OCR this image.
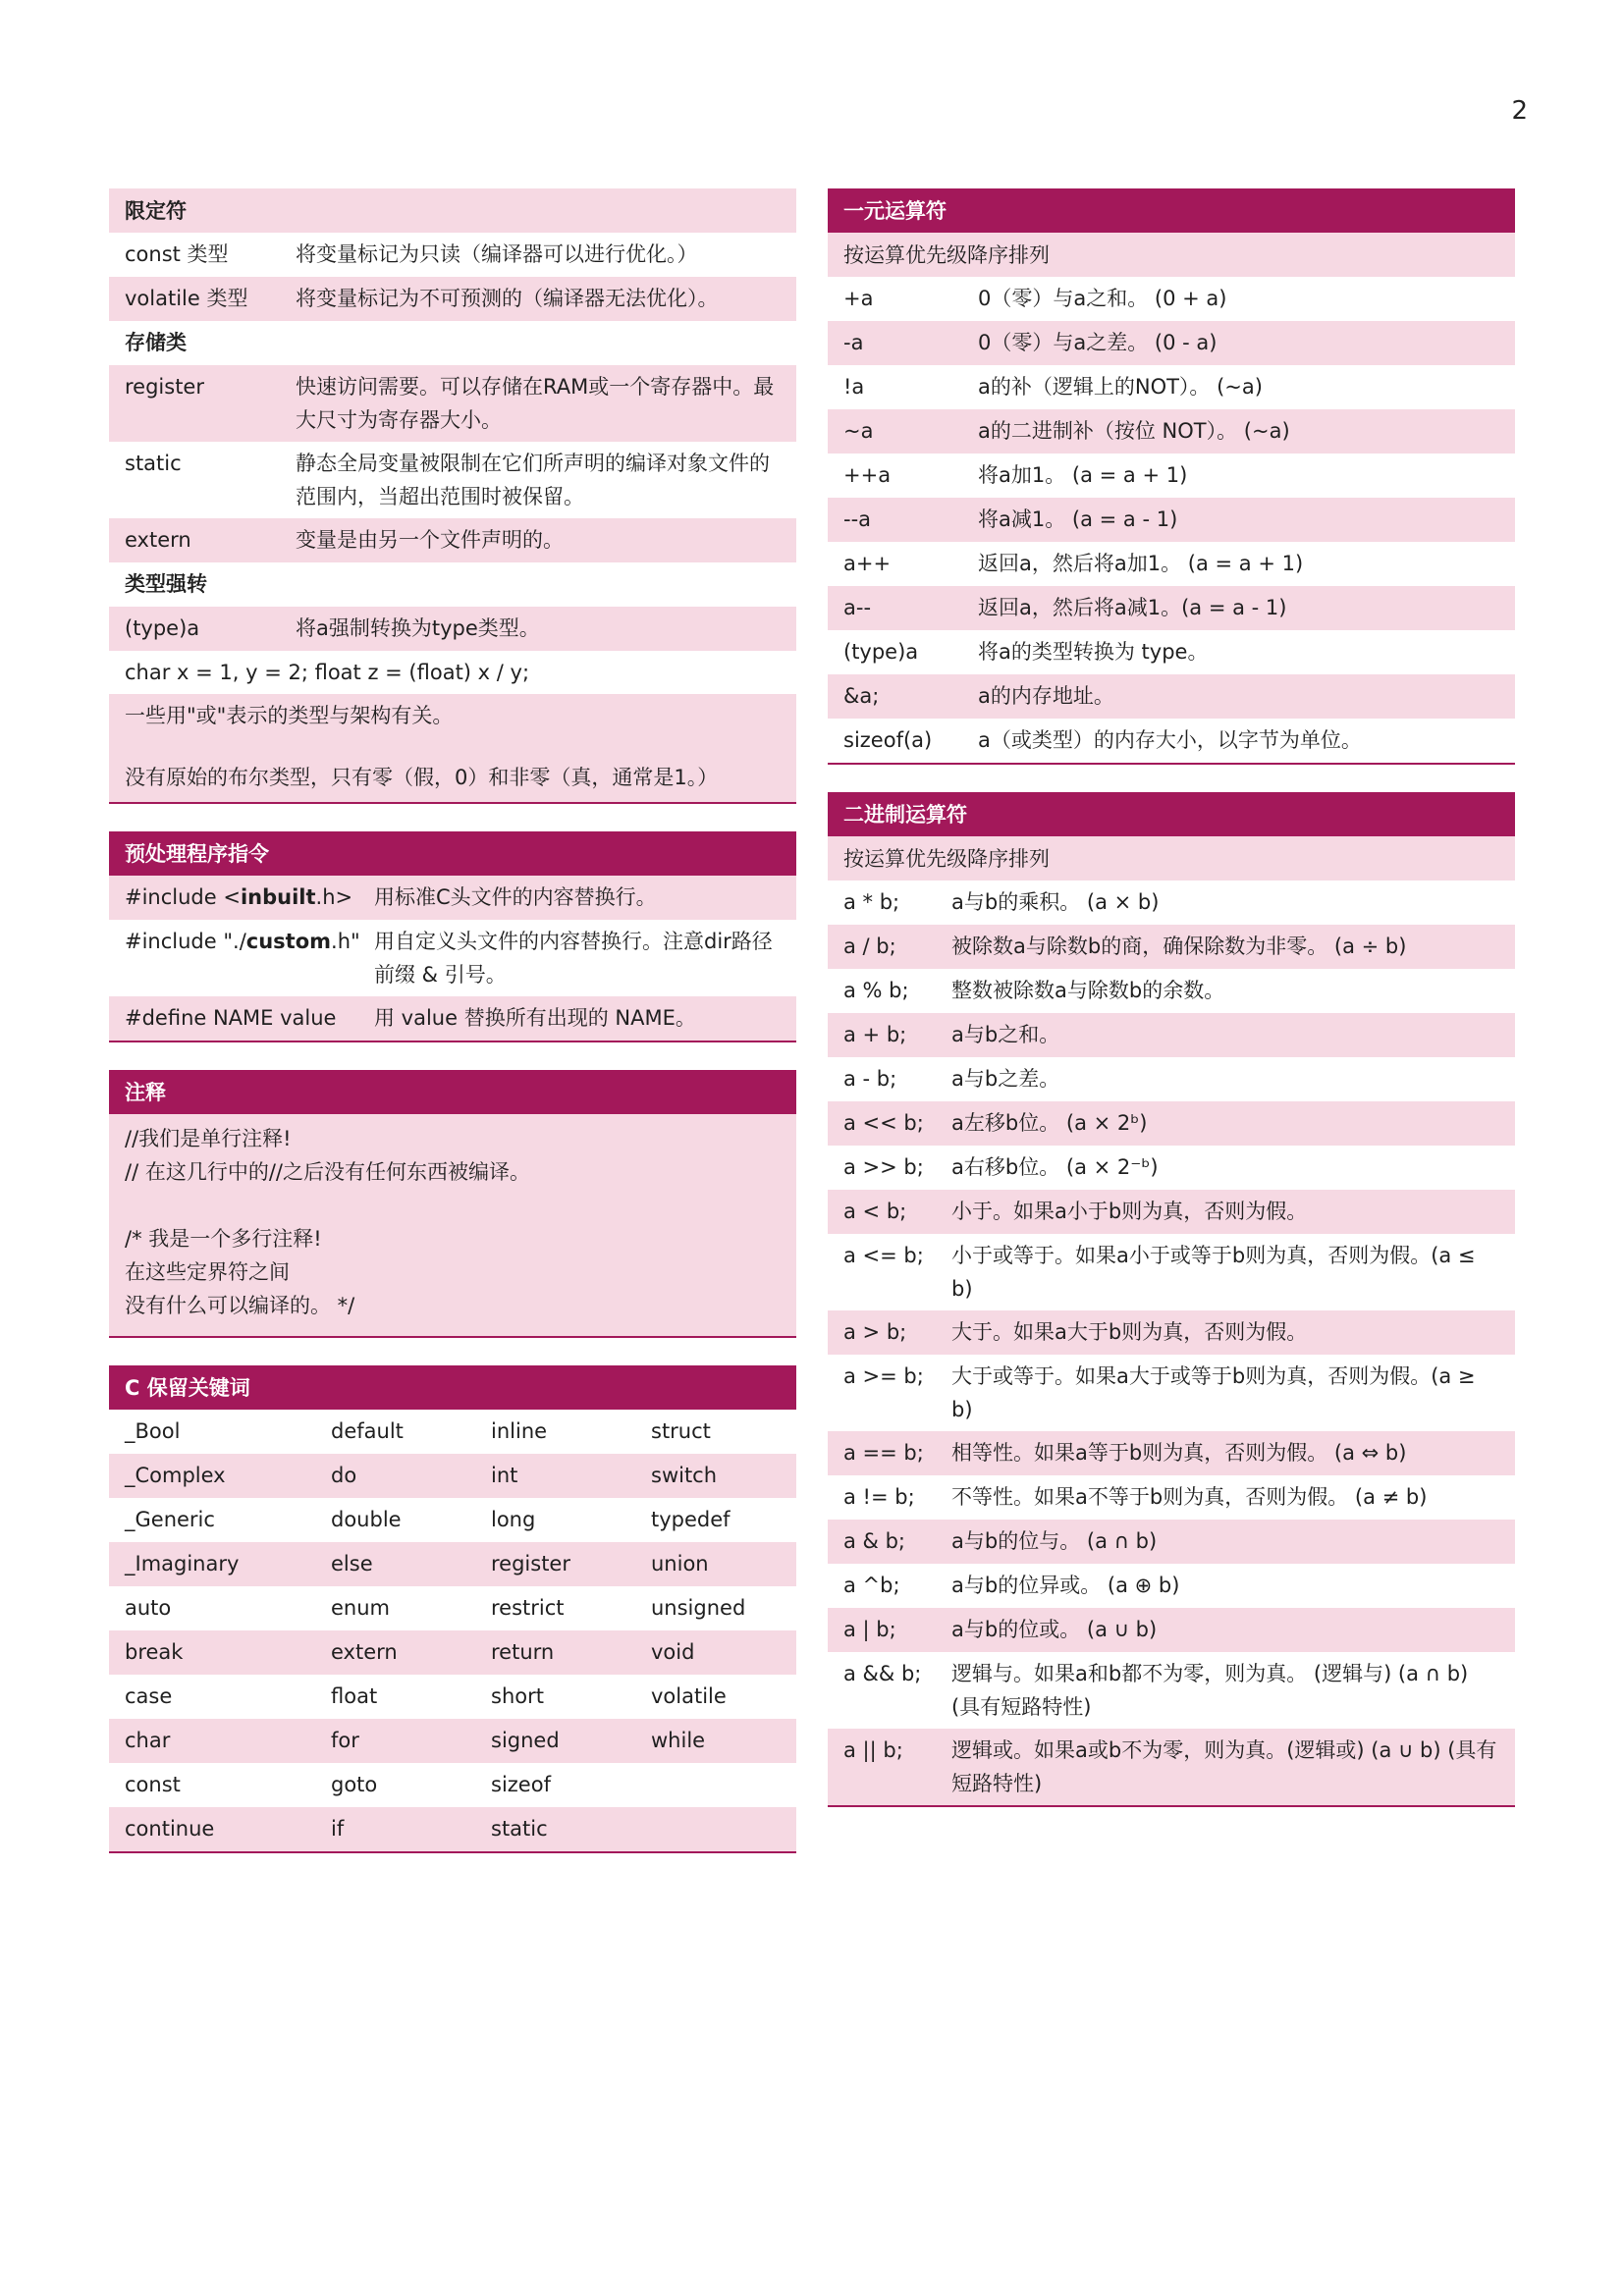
2
限定符
const 类型	将变量标记为只读（编译器可以进行优化。）
volatile 类型	将变量标记为不可预测的（编译器无法优化）。
存储类
register	快速访问需要。可以存储在RAM或一个寄存器中。最大尺寸为寄存器大小。
static	静态全局变量被限制在它们所声明的编译对象文件的范围内，当超出范围时被保留。
extern	变量是由另一个文件声明的。
类型强转
(type)a	将a强制转换为type类型。
char x = 1, y = 2; float z = (float) x / y;
一些用"或"表示的类型与架构有关。
没有原始的布尔类型，只有零（假，0）和非零（真，通常是1。）
预处理程序指令
#include <inbuilt.h>	用标准C头文件的内容替换行。
#include "./custom.h" 用自定义头文件的内容替换行。注意dir路径前缀 & 引号。
#define NAME value	用 value 替换所有出现的 NAME。
注释
//我们是单行注释!
// 在这几行中的//之后没有任何东西被编译。
/* 我是一个多行注释!
在这些定界符之间
没有什么可以编译的。 */
C 保留关键词
_Bool	default	inline	struct
_Complex	do	int	switch
_Generic	double	long	typedef
_Imaginary	else	register	union
auto	enum	restrict	unsigned
break	extern	return	void
case	float	short	volatile
char	for	signed	while
const	goto	sizeof
continue	if	static
一元运算符
按运算优先级降序排列
+a	0（零）与a之和。 (0 + a)
-a	0（零）与a之差。 (0 - a)
!a	a的补（逻辑上的NOT）。 (~a)
~a	a的二进制补（按位 NOT）。 (~a)
++a	将a加1。 (a = a + 1)
--a	将a减1。 (a = a - 1)
a++	返回a，然后将a加1。 (a = a + 1)
a--	返回a，然后将a减1。(a = a - 1)
(type)a	将a的类型转换为 type。
&a;	a的内存地址。
sizeof(a)	a（或类型）的内存大小，以字节为单位。
二进制运算符
按运算优先级降序排列
a * b;	a与b的乘积。 (a × b)
a / b;	被除数a与除数b的商，确保除数为非零。 (a ÷ b)
a % b;	整数被除数a与除数b的余数。
a + b;	a与b之和。
a - b;	a与b之差。
a << b;	a左移b位。 (a × 2ᵇ)
a >> b;	a右移b位。 (a × 2⁻ᵇ)
a < b;	小于。如果a小于b则为真，否则为假。
a <= b;	小于或等于。如果a小于或等于b则为真，否则为假。(a ≤ b)
a > b;	大于。如果a大于b则为真，否则为假。
a >= b;	大于或等于。如果a大于或等于b则为真，否则为假。(a ≥ b)
a == b;	相等性。如果a等于b则为真，否则为假。 (a ⇔ b)
a != b;	不等性。如果a不等于b则为真，否则为假。 (a ≠ b)
a & b;	a与b的位与。 (a ∩ b)
a ^b;	a与b的位异或。 (a ⊕ b)
a | b;	a与b的位或。 (a ∪ b)
a && b;	逻辑与。如果a和b都不为零，则为真。 (逻辑与) (a ∩ b) (具有短路特性)
a || b;	逻辑或。如果a或b不为零，则为真。(逻辑或) (a ∪ b) (具有短路特性)
